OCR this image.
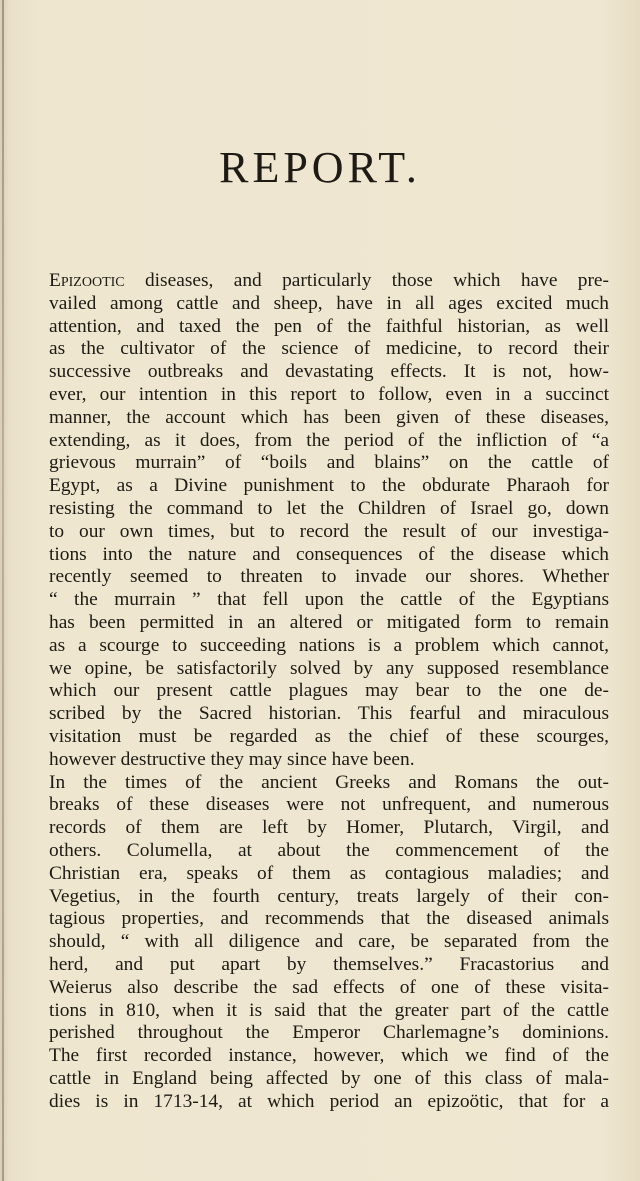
REPORT.

Epizootic diseases, and particularly those which have pre-

vailed among cattle and sheep, have in all ages excited much

attention, and taxed the pen of the faithful historian, as well

as the cultivator of the science of medicine, to record their

successive outbreaks and devastating effects. It is not, how-

ever, our intention in this report to follow, even in a succinct

manner, the account which has been given of these diseases,

extending, as it does, from the period of the infliction of “a

grievous murrain” of “boils and blains” on the cattle of

Egypt, as a Divine punishment to the obdurate Pharaoh for

resisting the command to let the Children of Israel go, down

to our own times, but to record the result of our investiga-

tions into the nature and consequences of the disease which

recently seemed to threaten to invade our shores. Whether

“ the murrain ” that fell upon the cattle of the Egyptians

has been permitted in an altered or mitigated form to remain

as a scourge to succeeding nations is a problem which cannot,

we opine, be satisfactorily solved by any supposed resemblance

which our present cattle plagues may bear to the one de-

scribed by the Sacred historian. This fearful and miraculous

visitation must be regarded as the chief of these scourges,

however destructive they may since have been.

In the times of the ancient Greeks and Romans the out-

breaks of these diseases were not unfrequent, and numerous

records of them are left by Homer, Plutarch, Virgil, and

others. Columella, at about the commencement of the

Christian era, speaks of them as contagious maladies; and

Vegetius, in the fourth century, treats largely of their con-

tagious properties, and recommends that the diseased animals

should, “ with all diligence and care, be separated from the

herd, and put apart by themselves.” Fracastorius and

Weierus also describe the sad effects of one of these visita-

tions in 810, when it is said that the greater part of the cattle

perished throughout the Emperor Charlemagne’s dominions.

The first recorded instance, however, which we find of the

cattle in England being affected by one of this class of mala-

dies is in 1713-14, at which period an epizoötic, that for a
